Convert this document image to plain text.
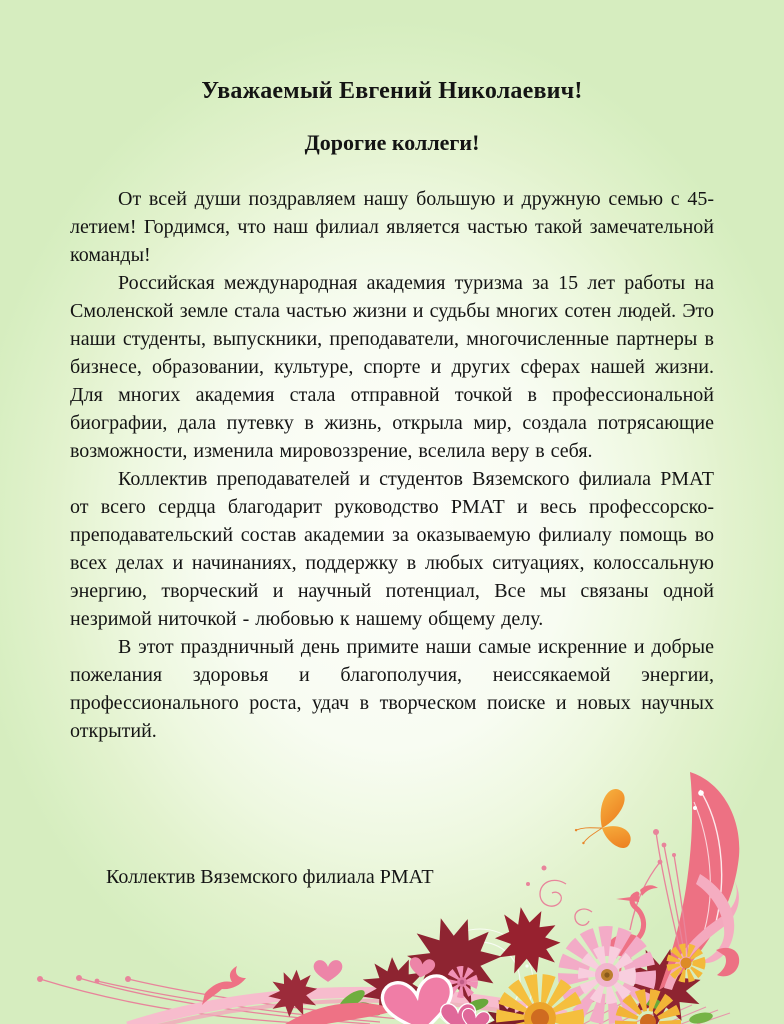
Уважаемый Евгений Николаевич!
Дорогие коллеги!

От всей души поздравляем нашу большую и дружную семью с 45-летием! Гордимся, что наш филиал является частью такой замечательной команды!

Российская международная академия туризма за 15 лет работы на Смоленской земле стала частью жизни и судьбы многих сотен людей. Это наши студенты, выпускники, преподаватели, многочисленные партнеры в бизнесе, образовании, культуре, спорте и других сферах нашей жизни. Для многих академия стала отправной точкой в профессиональной биографии, дала путевку в жизнь, открыла мир, создала потрясающие возможности, изменила мировоззрение, вселила веру в себя.

Коллектив преподавателей и студентов Вяземского филиала РМАТ от всего сердца благодарит руководство РМАТ и весь профессорско-преподавательский состав академии за оказываемую филиалу помощь во всех делах и начинаниях, поддержку в любых ситуациях, колоссальную энергию, творческий и научный потенциал, Все мы связаны одной незримой ниточкой - любовью к нашему общему делу.

В этот праздничный день примите наши самые искренние и добрые пожелания здоровья и благополучия, неиссякаемой энергии, профессионального роста, удач в творческом поиске и новых научных открытий.

Коллектив Вяземского филиала РМАТ
